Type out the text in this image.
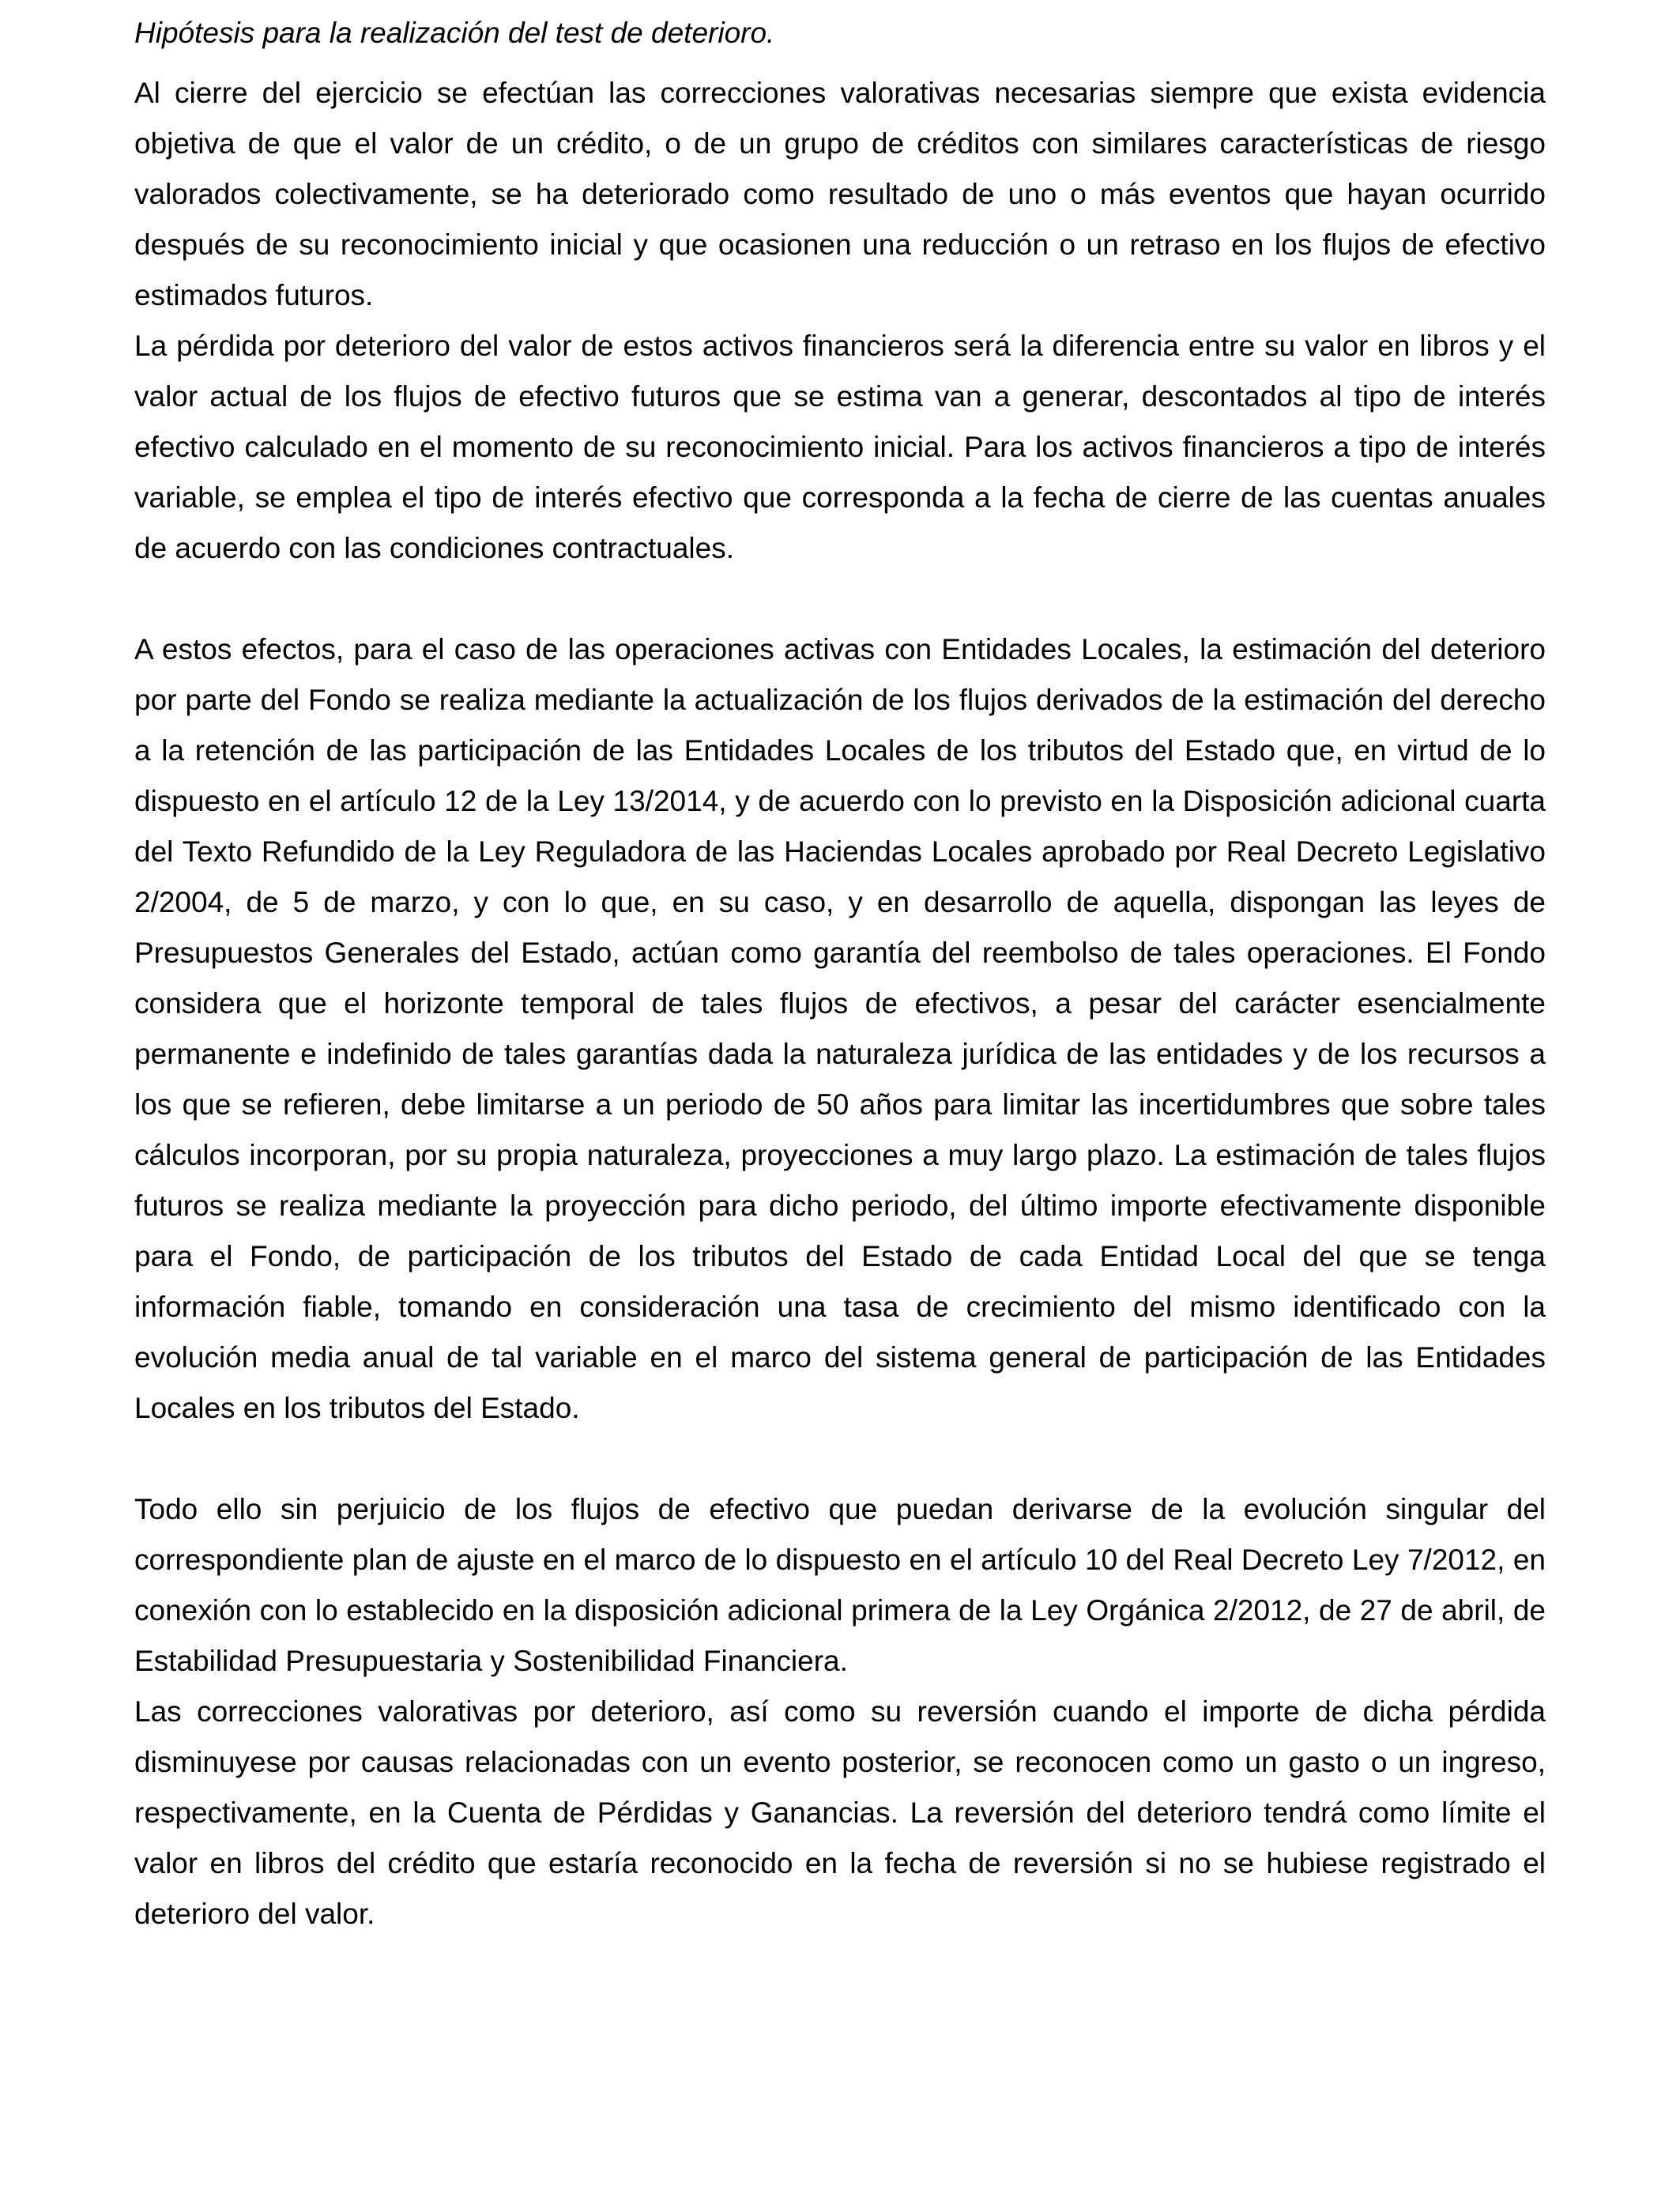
Hipótesis para la realización del test de deterioro.

Al cierre del ejercicio se efectúan las correcciones valorativas necesarias siempre que exista evidencia objetiva de que el valor de un crédito, o de un grupo de créditos con similares características de riesgo valorados colectivamente, se ha deteriorado como resultado de uno o más eventos que hayan ocurrido después de su reconocimiento inicial y que ocasionen una reducción o un retraso en los flujos de efectivo estimados futuros.

La pérdida por deterioro del valor de estos activos financieros será la diferencia entre su valor en libros y el valor actual de los flujos de efectivo futuros que se estima van a generar, descontados al tipo de interés efectivo calculado en el momento de su reconocimiento inicial. Para los activos financieros a tipo de interés variable, se emplea el tipo de interés efectivo que corresponda a la fecha de cierre de las cuentas anuales de acuerdo con las condiciones contractuales.

A estos efectos, para el caso de las operaciones activas con Entidades Locales, la estimación del deterioro por parte del Fondo se realiza mediante la actualización de los flujos derivados de la estimación del derecho a la retención de las participación de las Entidades Locales de los tributos del Estado que, en virtud de lo dispuesto en el artículo 12 de la Ley 13/2014, y de acuerdo con lo previsto en la Disposición adicional cuarta del Texto Refundido de la Ley Reguladora de las Haciendas Locales aprobado por Real Decreto Legislativo 2/2004, de 5 de marzo, y con lo que, en su caso, y en desarrollo de aquella, dispongan las leyes de Presupuestos Generales del Estado, actúan como garantía del reembolso de tales operaciones. El Fondo considera que el horizonte temporal de tales flujos de efectivos, a pesar del carácter esencialmente permanente e indefinido de tales garantías dada la naturaleza jurídica de las entidades y de los recursos a los que se refieren, debe limitarse a un periodo de 50 años para limitar las incertidumbres que sobre tales cálculos incorporan, por su propia naturaleza, proyecciones a muy largo plazo. La estimación de tales flujos futuros se realiza mediante la proyección para dicho periodo, del último importe efectivamente disponible para el Fondo, de participación de los tributos del Estado de cada Entidad Local del que se tenga información fiable, tomando en consideración una tasa de crecimiento del mismo identificado con la evolución media anual de tal variable en el marco del sistema general de participación de las Entidades Locales en los tributos del Estado.

Todo ello sin perjuicio de los flujos de efectivo que puedan derivarse de la evolución singular del correspondiente plan de ajuste en el marco de lo dispuesto en el artículo 10 del Real Decreto Ley 7/2012, en conexión con lo establecido en la disposición adicional primera de la Ley Orgánica 2/2012, de 27 de abril, de Estabilidad Presupuestaria y Sostenibilidad Financiera.

Las correcciones valorativas por deterioro, así como su reversión cuando el importe de dicha pérdida disminuyese por causas relacionadas con un evento posterior, se reconocen como un gasto o un ingreso, respectivamente, en la Cuenta de Pérdidas y Ganancias. La reversión del deterioro tendrá como límite el valor en libros del crédito que estaría reconocido en la fecha de reversión si no se hubiese registrado el deterioro del valor.
